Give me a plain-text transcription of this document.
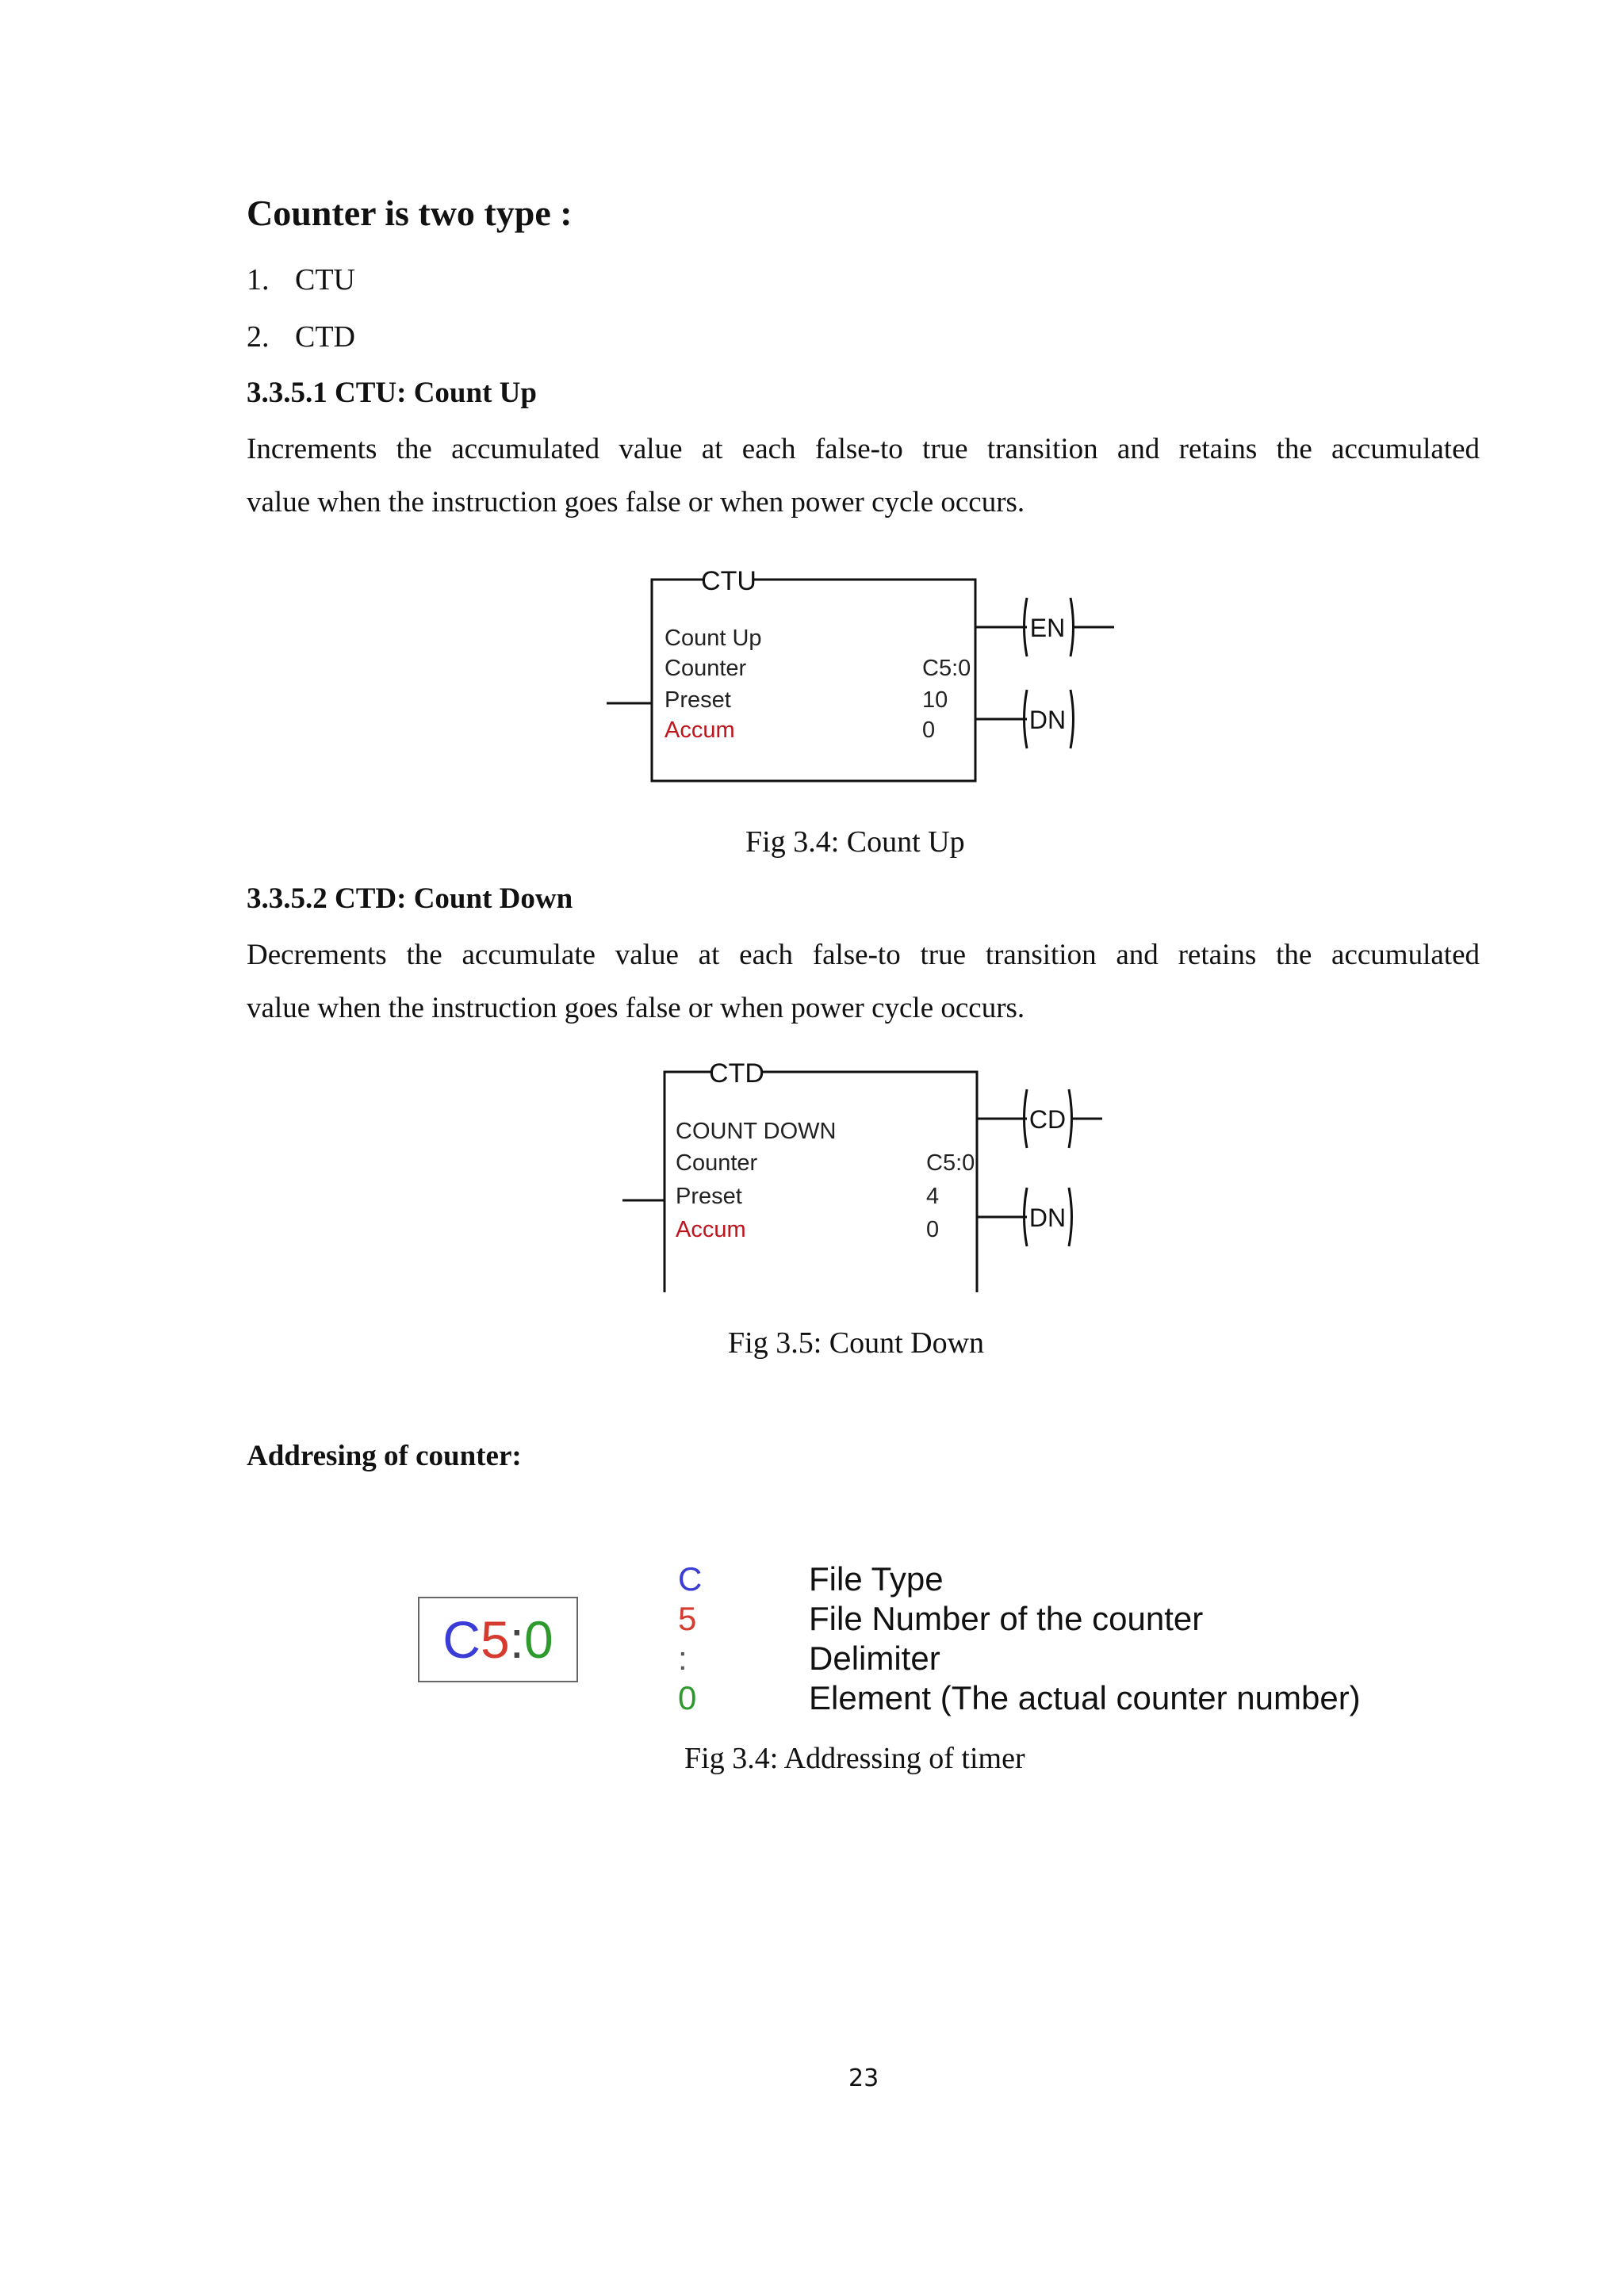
Counter is two type :
1. CTU
2. CTD
3.3.5.1 CTU: Count Up
Increments the accumulated value at each false-to true transition and retains the accumulated
value when the instruction goes false or when power cycle occurs.
CTU
Count Up
Counter
Preset
Accum
C5:0
10
0
EN
DN
Fig 3.4: Count Up
3.3.5.2 CTD: Count Down
Decrements the accumulate value at each false-to true transition and retains the accumulated
value when the instruction goes false or when power cycle occurs.
CTD
COUNT DOWN
Counter
Preset
Accum
C5:0
4
0
CD
DN
Fig 3.5: Count Down
Addresing of counter:
C 5 : 0
C	File Type
5	File Number of the counter
:	Delimiter
0	Element (The actual counter number)
Fig 3.4: Addressing of timer
23
